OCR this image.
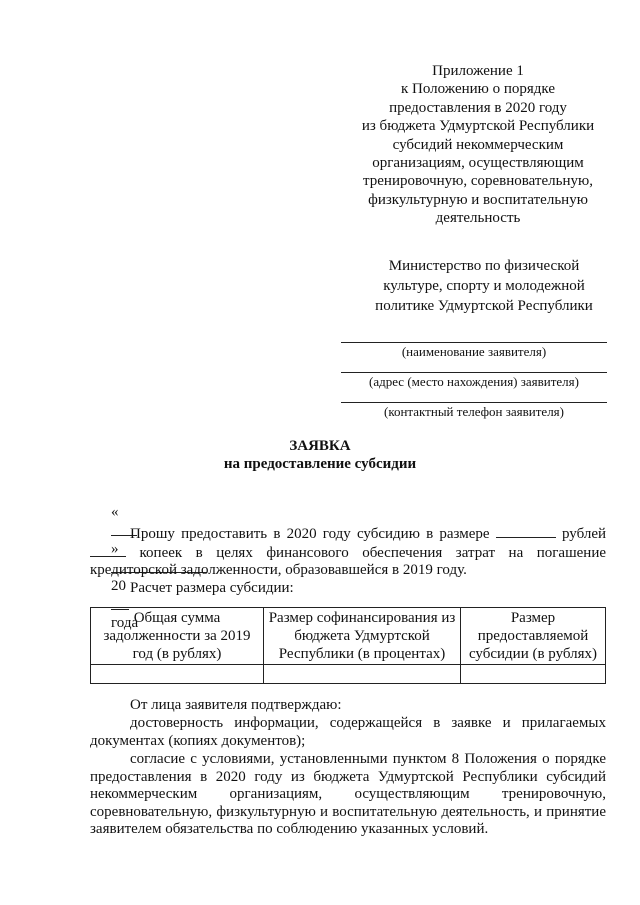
Приложение 1
к Положению о порядке
предоставления в 2020 году
из бюджета Удмуртской Республики
субсидий некоммерческим
организациям, осуществляющим
тренировочную, соревновательную,
физкультурную и воспитательную
деятельность
Министерство по физической
культуре, спорту и молодежной
политике Удмуртской Республики
(наименование заявителя)
(адрес (место нахождения) заявителя)
(контактный телефон заявителя)
ЗАЯВКА
на предоставление субсидии

«

»

20

года

Прошу предоставить в 2020 году субсидию в размере	рублей  копеек в целях финансового обеспечения затрат на погашение кредиторской задолженности, образовавшейся в 2019 году.
Расчет размера субсидии:
Общая сумма задолженности за 2019 год (в рублях)	Размер софинансирования из бюджета Удмуртской Республики (в процентах)	Размер предоставляемой субсидии (в рублях)

От лица заявителя подтверждаю:
достоверность информации, содержащейся в заявке и прилагаемых документах (копиях документов);
согласие с условиями, установленными пунктом 8 Положения о порядке предоставления в 2020 году из бюджета Удмуртской Республики субсидий некоммерческим организациям, осуществляющим тренировочную, соревновательную, физкультурную и воспитательную деятельность, и принятие заявителем обязательства по соблюдению указанных условий.
